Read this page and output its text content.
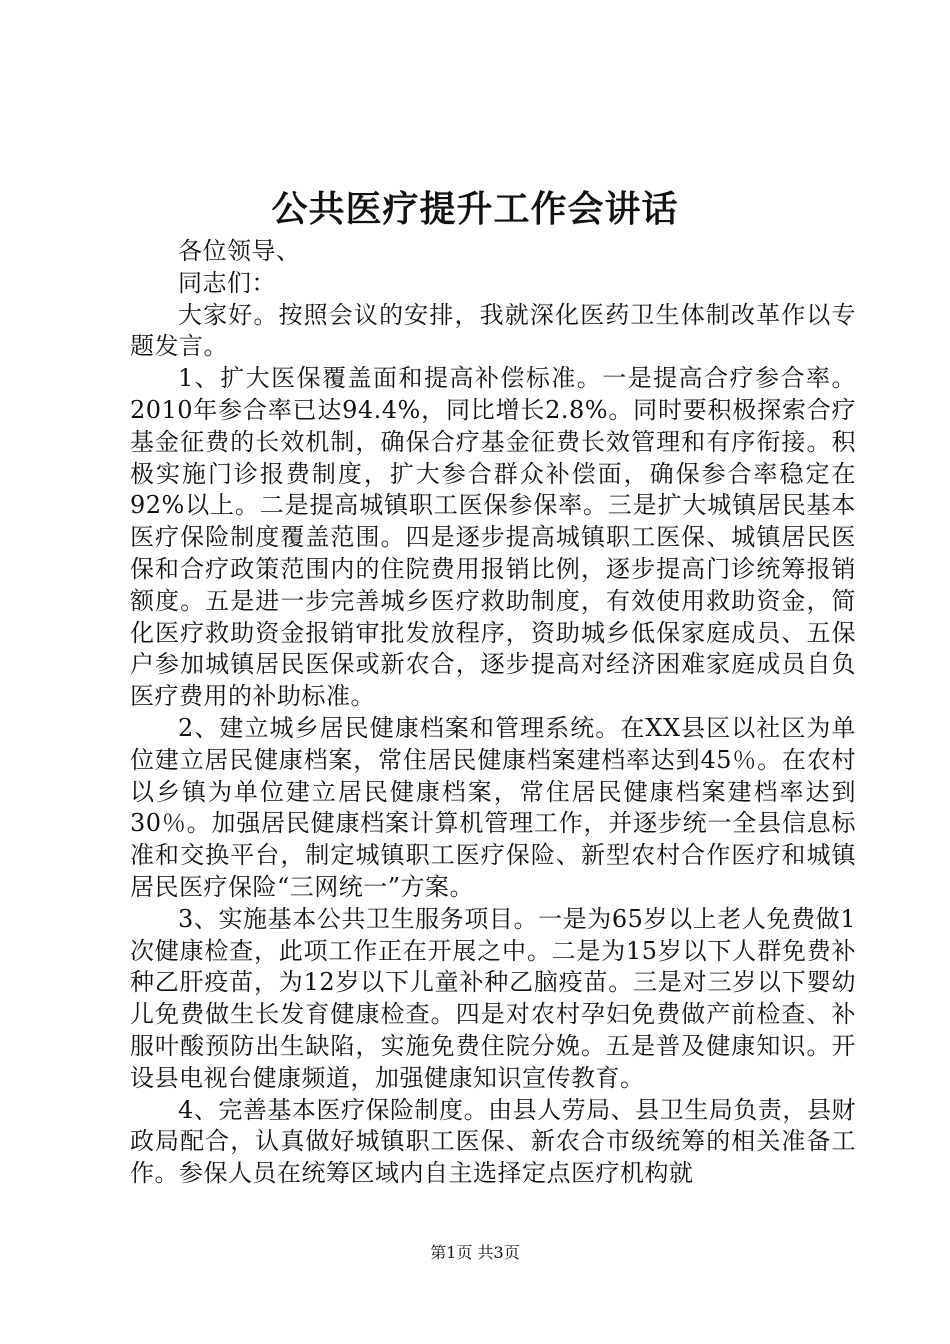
公共医疗提升工作会讲话

各位领导、

同志们：

大家好。按照会议的安排，我就深化医药卫生体制改革作以专题发言。

1、扩大医保覆盖面和提高补偿标准。一是提高合疗参合率。2010年参合率已达94.4%，同比增长2.8%。同时要积极探索合疗基金征费的长效机制，确保合疗基金征费长效管理和有序衔接。积极实施门诊报费制度，扩大参合群众补偿面，确保参合率稳定在92%以上。二是提高城镇职工医保参保率。三是扩大城镇居民基本医疗保险制度覆盖范围。四是逐步提高城镇职工医保、城镇居民医保和合疗政策范围内的住院费用报销比例，逐步提高门诊统筹报销额度。五是进一步完善城乡医疗救助制度，有效使用救助资金，简化医疗救助资金报销审批发放程序，资助城乡低保家庭成员、五保户参加城镇居民医保或新农合，逐步提高对经济困难家庭成员自负医疗费用的补助标准。

2、建立城乡居民健康档案和管理系统。在XX县区以社区为单位建立居民健康档案，常住居民健康档案建档率达到45％。在农村以乡镇为单位建立居民健康档案，常住居民健康档案建档率达到30％。加强居民健康档案计算机管理工作，并逐步统一全县信息标准和交换平台，制定城镇职工医疗保险、新型农村合作医疗和城镇居民医疗保险“三网统一”方案。

3、实施基本公共卫生服务项目。一是为65岁以上老人免费做1次健康检查，此项工作正在开展之中。二是为15岁以下人群免费补种乙肝疫苗，为12岁以下儿童补种乙脑疫苗。三是对三岁以下婴幼儿免费做生长发育健康检查。四是对农村孕妇免费做产前检查、补服叶酸预防出生缺陷，实施免费住院分娩。五是普及健康知识。开设县电视台健康频道，加强健康知识宣传教育。

4、完善基本医疗保险制度。由县人劳局、县卫生局负责，县财政局配合，认真做好城镇职工医保、新农合市级统筹的相关准备工作。参保人员在统筹区域内自主选择定点医疗机构就

第1页 共3页
